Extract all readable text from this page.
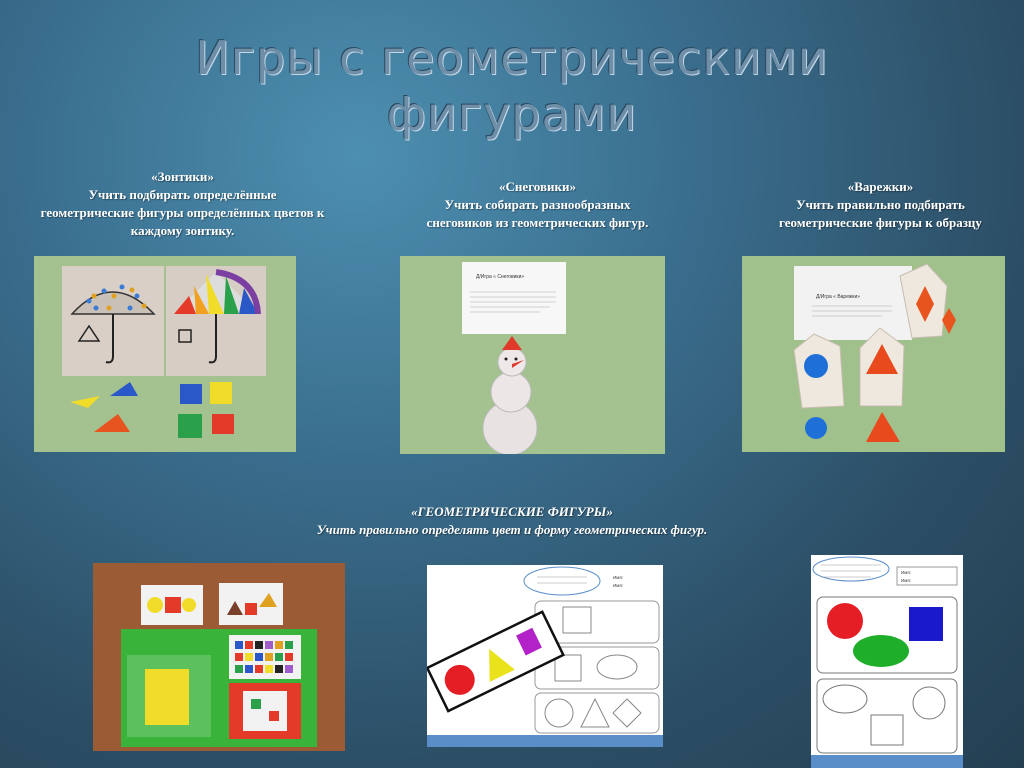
Игры с геометрическими
фигурами
«Зонтики»
Учить подбирать определённые
геометрические фигуры определённых цветов к
каждому зонтику.
«Снеговики»
Учить собирать разнообразных
снеговиков из геометрических фигур.
«Варежки»
Учить правильно подбирать
геометрические фигуры к образцу
Д/Игра « Снеговики»
Д/Игра « Варежки»
«ГЕОМЕТРИЧЕСКИЕ ФИГУРЫ»
Учить правильно определять цвет и форму геометрических фигур.
Имя:
Имя:
Имя:
Имя:
